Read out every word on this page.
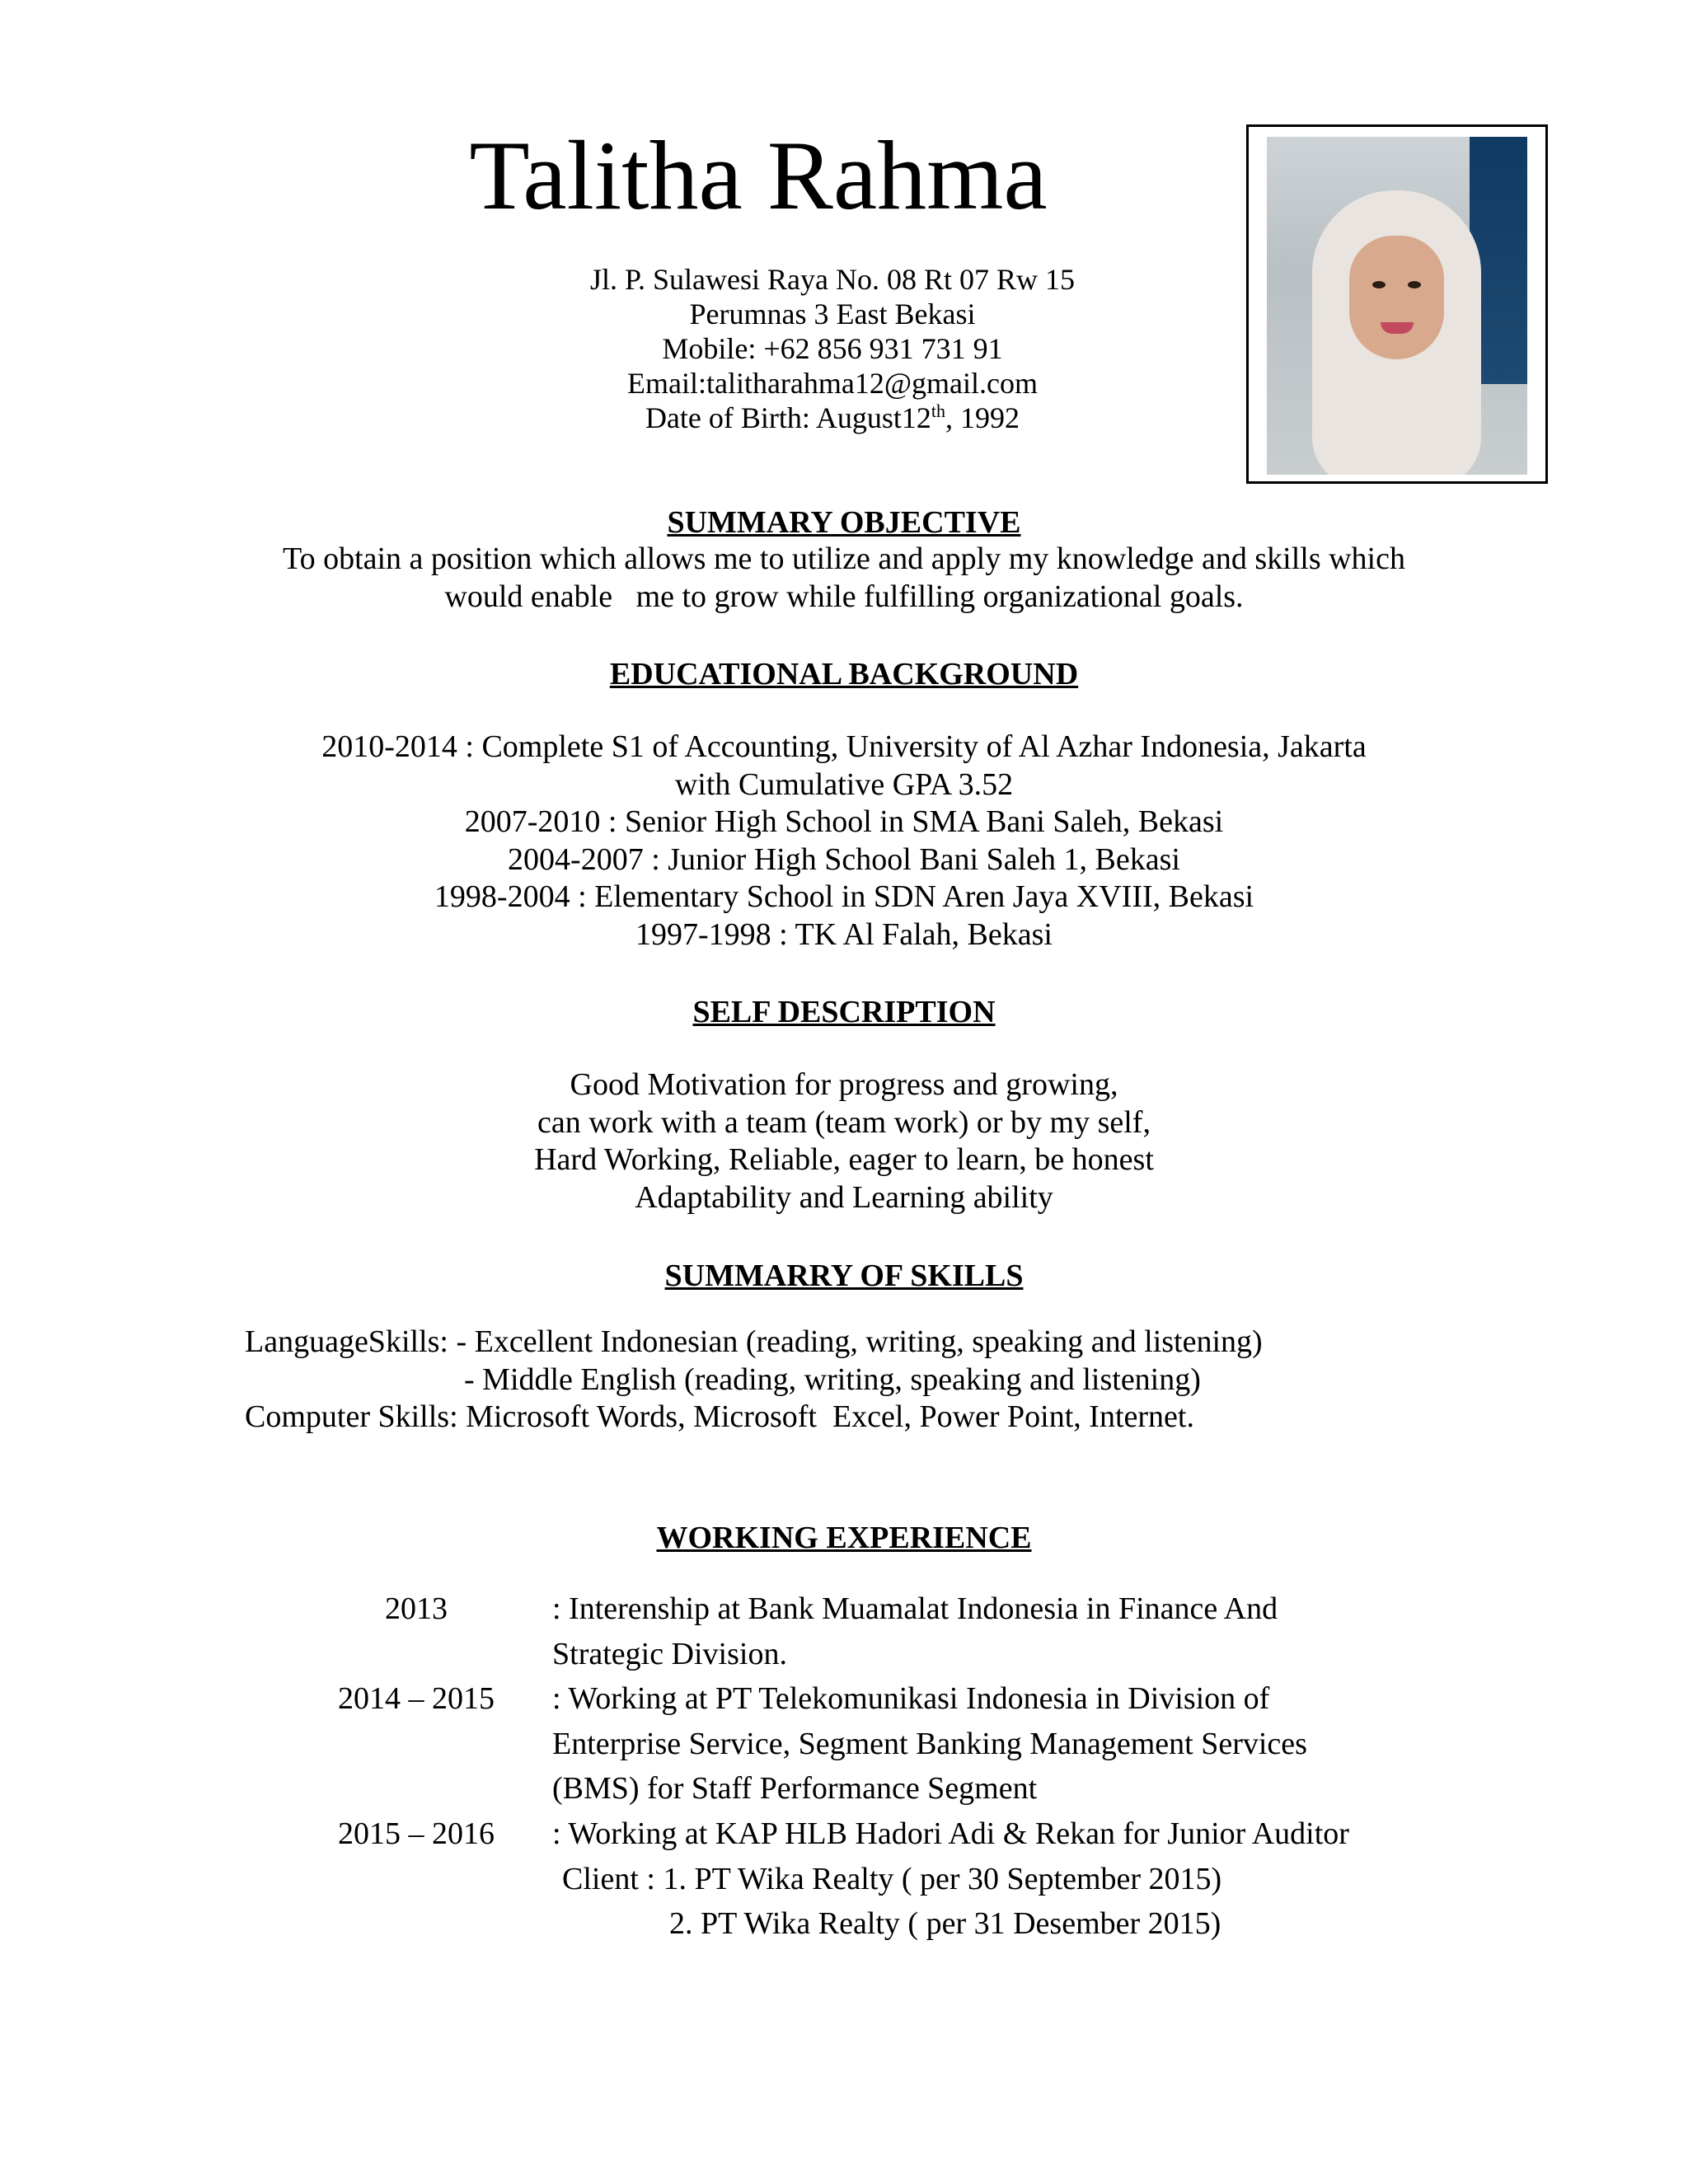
Talitha Rahma
Jl. P. Sulawesi Raya No. 08 Rt 07 Rw 15
Perumnas 3 East Bekasi
Mobile: +62 856 931 731 91
Email:talitharahma12@gmail.com
Date of Birth: August12th, 1992
SUMMARY OBJECTIVE
To obtain a position which allows me to utilize and apply my knowledge and skills which
would enable   me to grow while fulfilling organizational goals.
EDUCATIONAL BACKGROUND
2010-2014 : Complete S1 of Accounting, University of Al Azhar Indonesia, Jakarta
with Cumulative GPA 3.52
2007-2010 : Senior High School in SMA Bani Saleh, Bekasi
2004-2007 : Junior High School Bani Saleh 1, Bekasi
1998-2004 : Elementary School in SDN Aren Jaya XVIII, Bekasi
1997-1998 : TK Al Falah, Bekasi
SELF DESCRIPTION
Good Motivation for progress and growing,
can work with a team (team work) or by my self,
Hard Working, Reliable, eager to learn, be honest
Adaptability and Learning ability
SUMMARRY OF SKILLS
LanguageSkills: - Excellent Indonesian (reading, writing, speaking and listening)
- Middle English (reading, writing, speaking and listening)
Computer Skills: Microsoft Words, Microsoft  Excel, Power Point, Internet.
WORKING EXPERIENCE
2013	: Interenship at Bank Muamalat Indonesia in Finance And
Strategic Division.
2014 – 2015	: Working at PT Telekomunikasi Indonesia in Division of
Enterprise Service, Segment Banking Management Services
(BMS) for Staff Performance Segment
2015 – 2016	: Working at KAP HLB Hadori Adi & Rekan for Junior Auditor
Client : 1. PT Wika Realty ( per 30 September 2015)
2. PT Wika Realty ( per 31 Desember 2015)
